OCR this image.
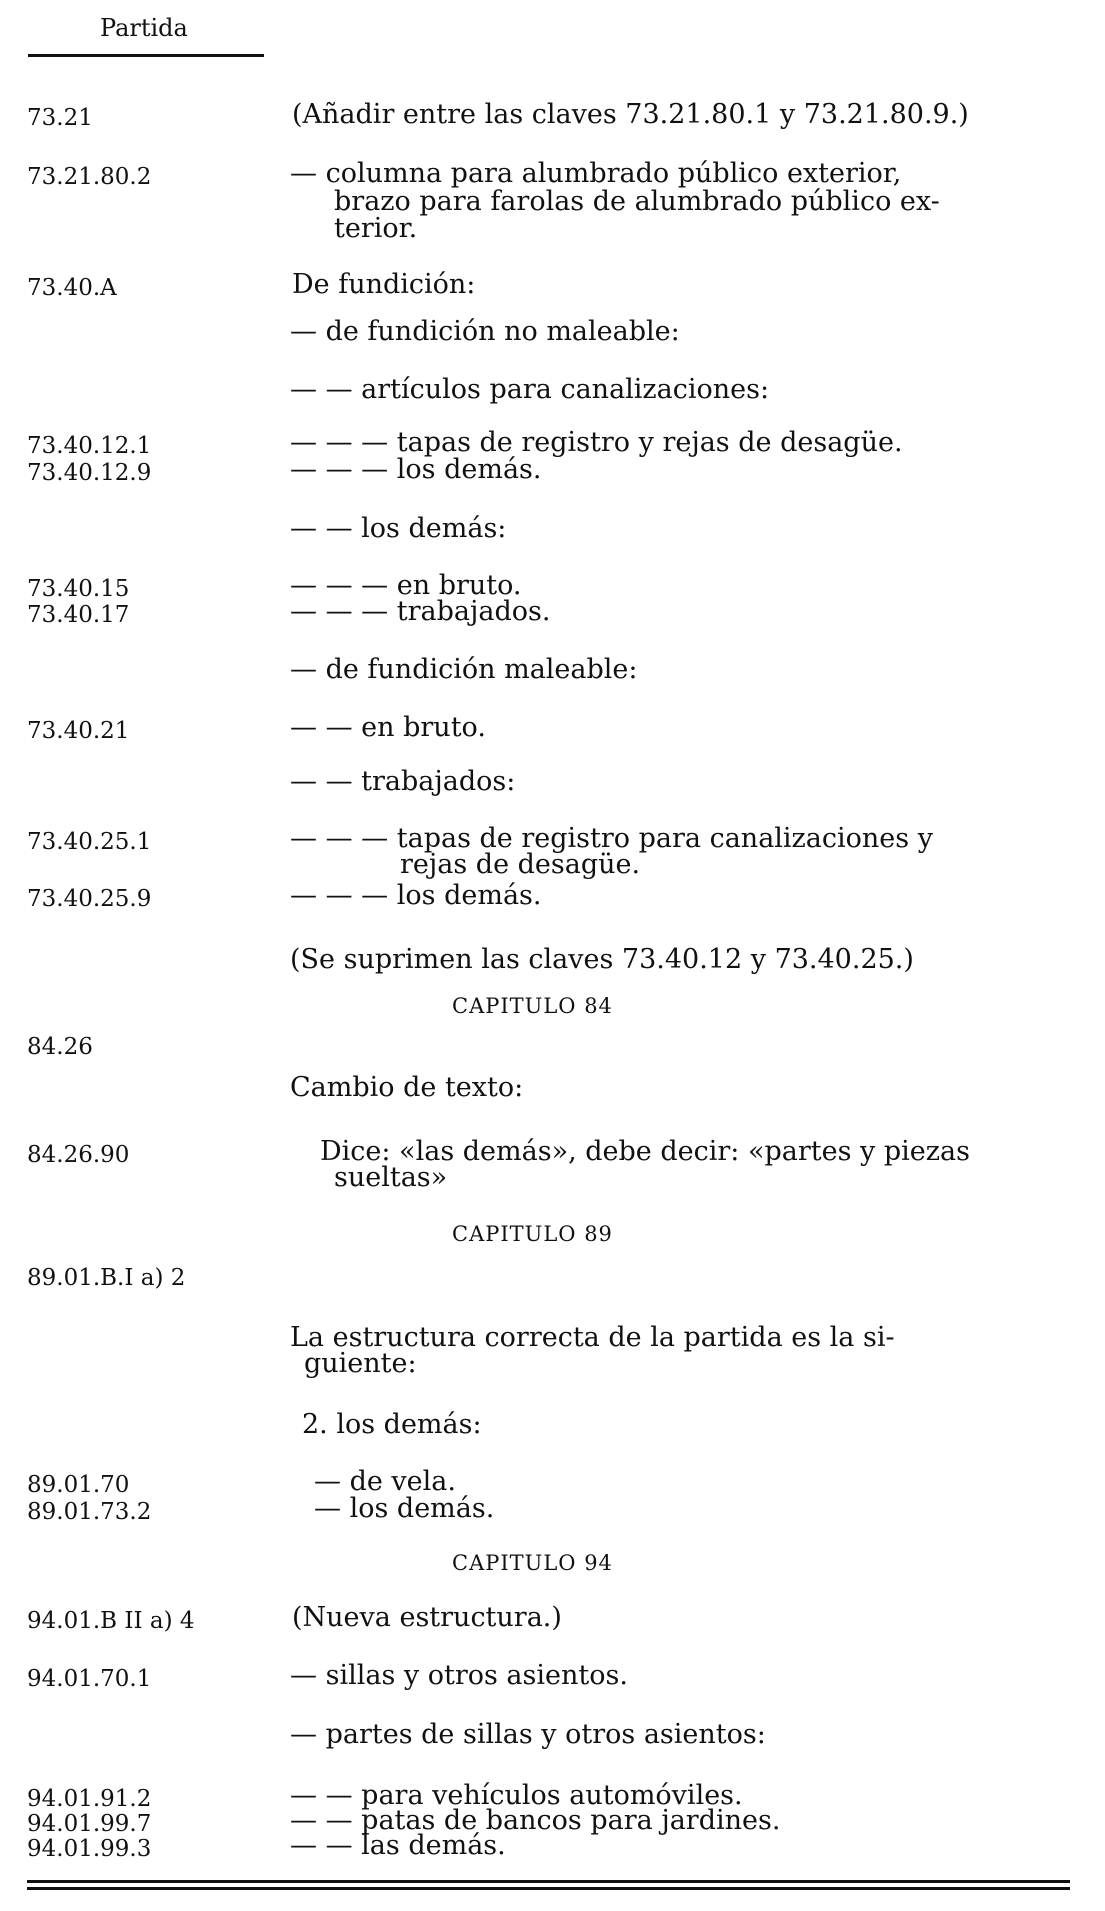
Partida
73.21	(Añadir entre las claves 73.21.80.1 y 73.21.80.9.)
73.21.80.2	— columna para alumbrado público exterior,
brazo para farolas de alumbrado público ex-
terior.
73.40.A	De fundición:
— de fundición no maleable:
— — artículos para canalizaciones:
73.40.12.1	— — — tapas de registro y rejas de desagüe.
73.40.12.9	— — — los demás.
— — los demás:
73.40.15	— — — en bruto.
73.40.17	— — — trabajados.
— de fundición maleable:
73.40.21	— — en bruto.
— — trabajados:
73.40.25.1	— — — tapas de registro para canalizaciones y
rejas de desagüe.
73.40.25.9	— — — los demás.
(Se suprimen las claves 73.40.12 y 73.40.25.)
CAPITULO 84
84.26
Cambio de texto:
84.26.90	Dice: «las demás», debe decir: «partes y piezas
sueltas»
CAPITULO 89
89.01.B.I a) 2
La estructura correcta de la partida es la si-
guiente:
2. los demás:
89.01.70	— de vela.
89.01.73.2	— los demás.
CAPITULO 94
94.01.B II a) 4	(Nueva estructura.)
94.01.70.1	— sillas y otros asientos.
— partes de sillas y otros asientos:
94.01.91.2	— — para vehículos automóviles.
94.01.99.7	— — patas de bancos para jardines.
94.01.99.3	— — las demás.
